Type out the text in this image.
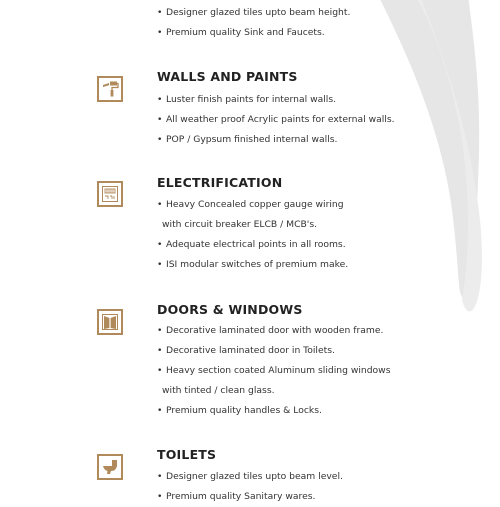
• Designer glazed tiles upto beam height.
• Premium quality Sink and Faucets.
WALLS AND PAINTS
• Luster finish paints for internal walls.
• All weather proof Acrylic paints for external walls.
• POP / Gypsum finished internal walls.
ELECTRIFICATION
• Heavy Concealed copper gauge wiring
with circuit breaker ELCB / MCB's.
• Adequate electrical points in all rooms.
• ISI modular switches of premium make.
DOORS & WINDOWS
• Decorative laminated door with wooden frame.
• Decorative laminated door in Toilets.
• Heavy section coated Aluminum sliding windows
with tinted / clean glass.
• Premium quality handles & Locks.
TOILETS
• Designer glazed tiles upto beam level.
• Premium quality Sanitary wares.
